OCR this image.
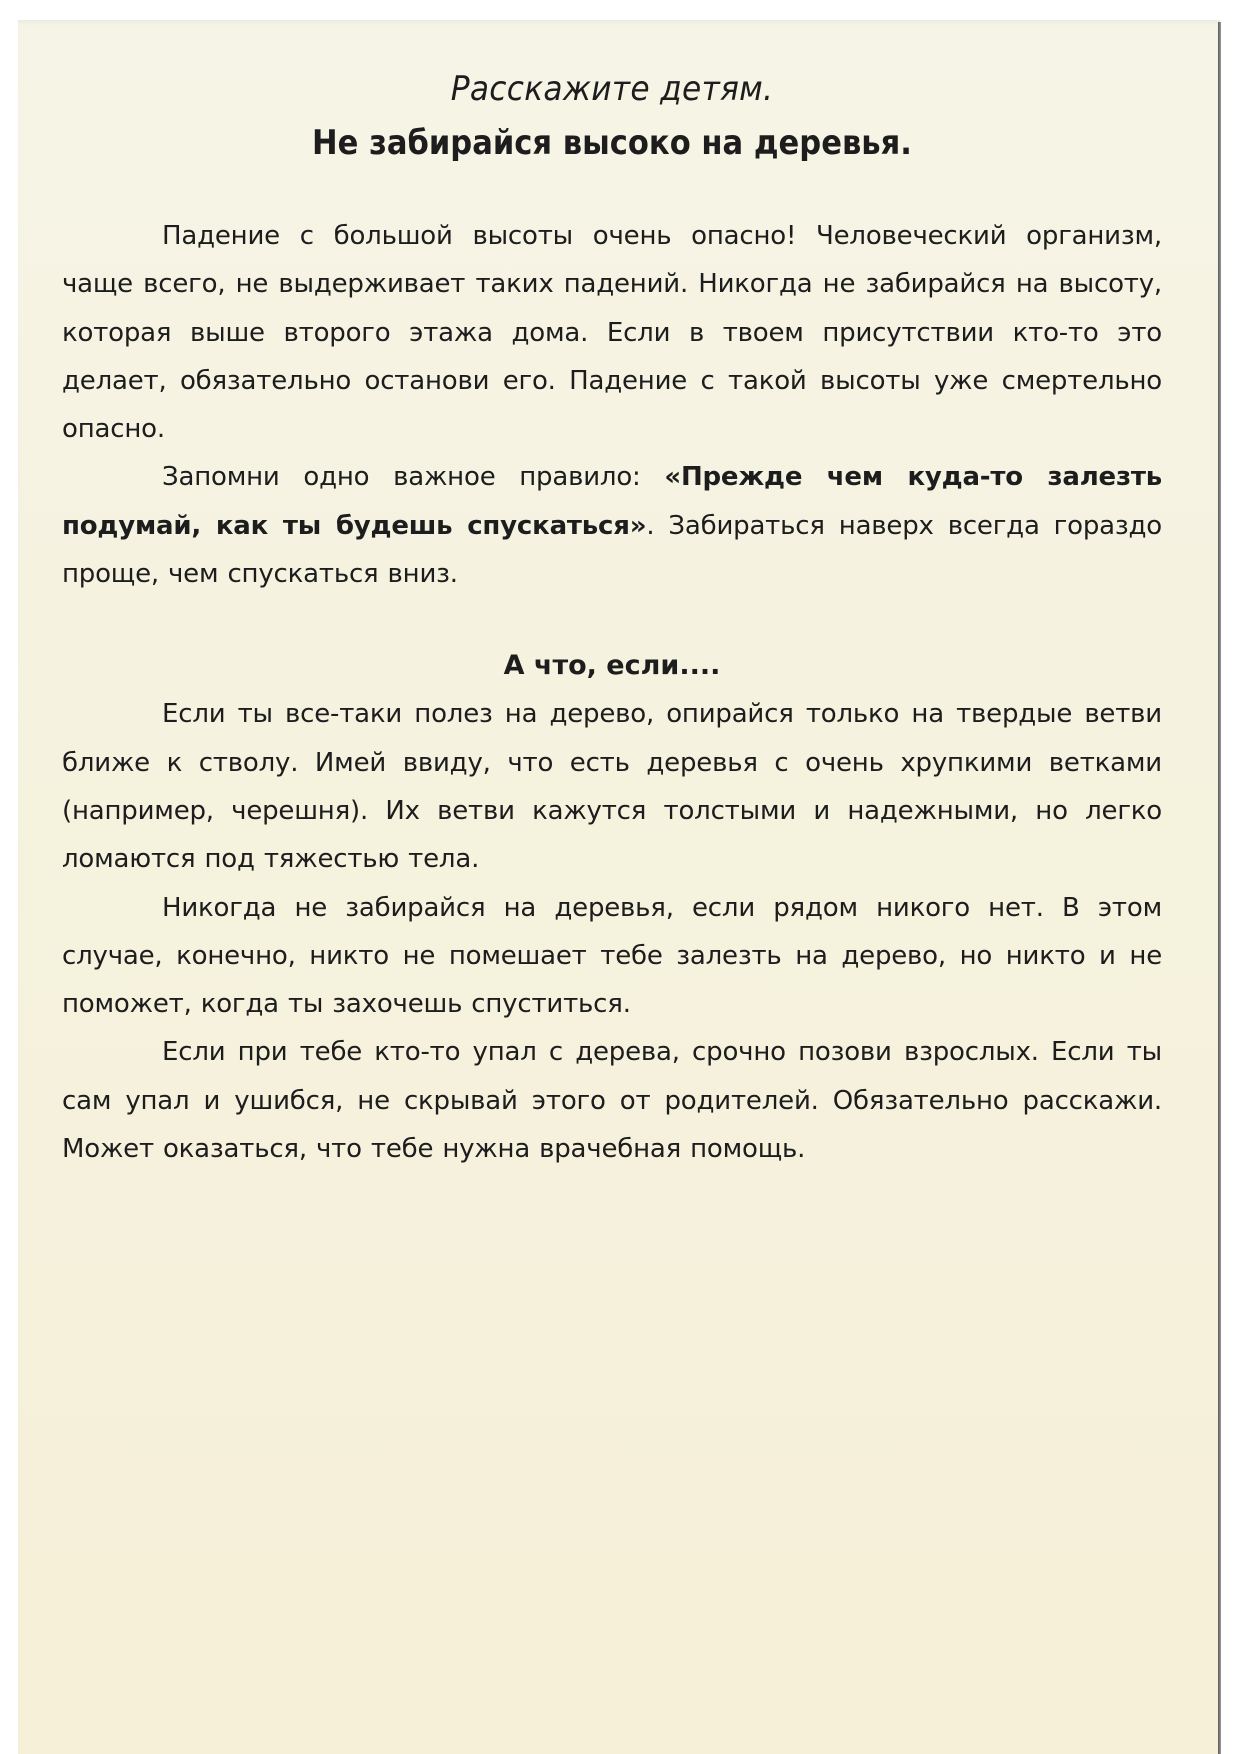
Расскажите детям.
Не забирайся высоко на деревья.

Падение с большой высоты очень опасно! Человеческий организм, чаще всего, не выдерживает таких падений. Никогда не забирайся на высоту, которая выше второго этажа дома. Если в твоем присутствии кто-то это делает, обязательно останови его. Падение с такой высоты уже смертельно опасно.

Запомни одно важное правило: «Прежде чем куда-то залезть подумай, как ты будешь спускаться». Забираться наверх всегда гораздо проще, чем спускаться вниз.

А что, если....

Если ты все-таки полез на дерево, опирайся только на твердые ветви ближе к стволу. Имей ввиду, что есть деревья с очень хрупкими ветками (например, черешня). Их ветви кажутся толстыми и надежными, но легко ломаются под тяжестью тела.

Никогда не забирайся на деревья, если рядом никого нет. В этом случае, конечно, никто не помешает тебе залезть на дерево, но никто и не поможет, когда ты захочешь спуститься.

Если при тебе кто-то упал с дерева, срочно позови взрослых. Если ты сам упал и ушибся, не скрывай этого от родителей. Обязательно расскажи. Может оказаться, что тебе нужна врачебная помощь.
